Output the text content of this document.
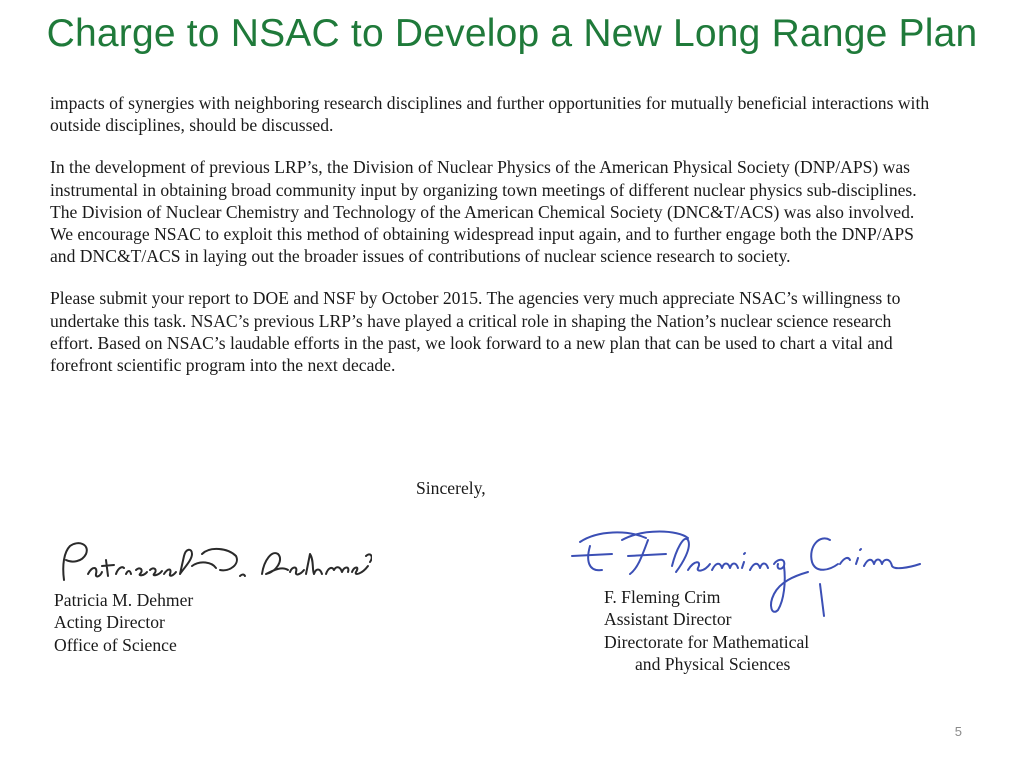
Charge to NSAC to Develop a New Long Range Plan

impacts of synergies with neighboring research disciplines and further opportunities for mutually beneficial interactions with outside disciplines, should be discussed.

In the development of previous LRP’s, the Division of Nuclear Physics of the American Physical Society (DNP/APS) was instrumental in obtaining broad community input by organizing town meetings of different nuclear physics sub-disciplines. The Division of Nuclear Chemistry and Technology of the American Chemical Society (DNC&T/ACS) was also involved. We encourage NSAC to exploit this method of obtaining widespread input again, and to further engage both the DNP/APS and DNC&T/ACS in laying out the broader issues of contributions of nuclear science research to society.

Please submit your report to DOE and NSF by October 2015. The agencies very much appreciate NSAC’s willingness to undertake this task. NSAC’s previous LRP’s have played a critical role in shaping the Nation’s nuclear science research effort. Based on NSAC’s laudable efforts in the past, we look forward to a new plan that can be used to chart a vital and forefront scientific program into the next decade.

Sincerely,
Patricia M. Dehmer
Acting Director
Office of Science
F. Fleming Crim
Assistant Director
Directorate for Mathematical
and Physical Sciences
5
